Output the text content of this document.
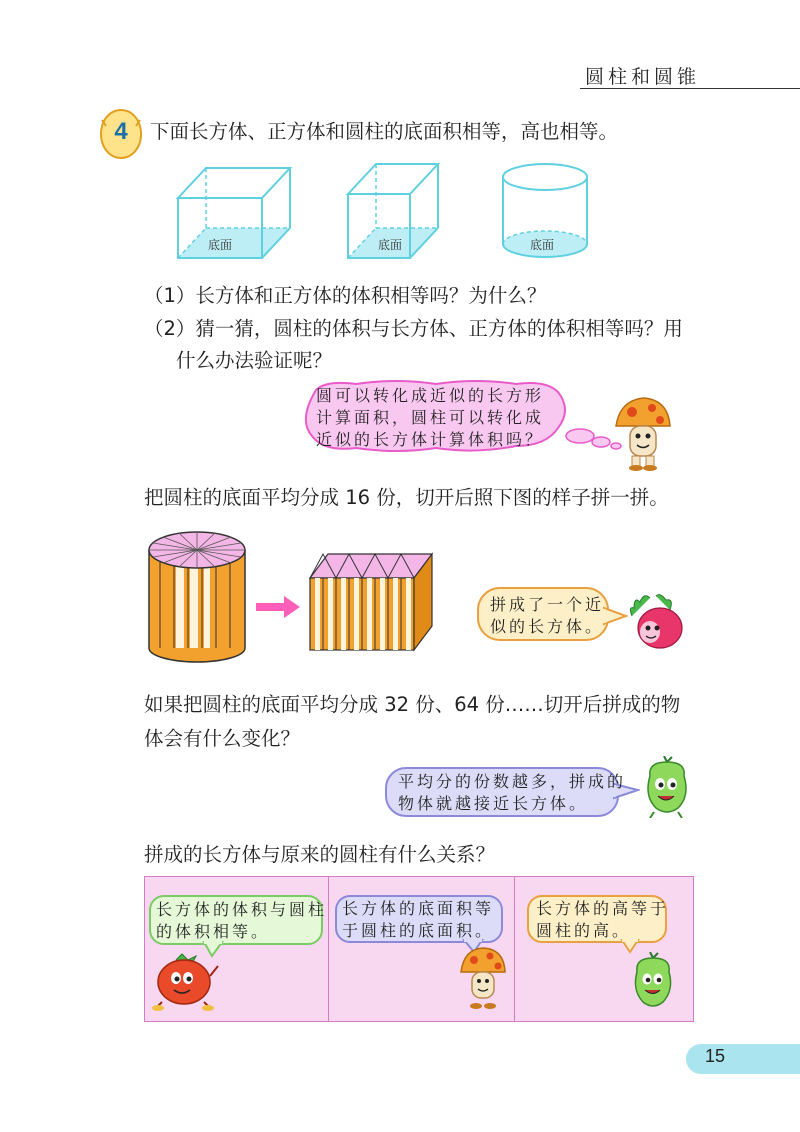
圆柱和圆锥
4	下面长方体、正方体和圆柱的底面积相等，高也相等。
底面	底面	底面
（1）长方体和正方体的体积相等吗？为什么？
（2）猜一猜，圆柱的体积与长方体、正方体的体积相等吗？用
什么办法验证呢？
圆可以转化成近似的长方形
计算面积，圆柱可以转化成
近似的长方体计算体积吗？
把圆柱的底面平均分成 16 份，切开后照下图的样子拼一拼。
拼成了一个近
似的长方体。
如果把圆柱的底面平均分成 32 份、64 份……切开后拼成的物
体会有什么变化？
平均分的份数越多，拼成的
物体就越接近长方体。
拼成的长方体与原来的圆柱有什么关系？
长方体的体积与圆柱
的体积相等。
长方体的底面积等
于圆柱的底面积。
长方体的高等于
圆柱的高。
15
